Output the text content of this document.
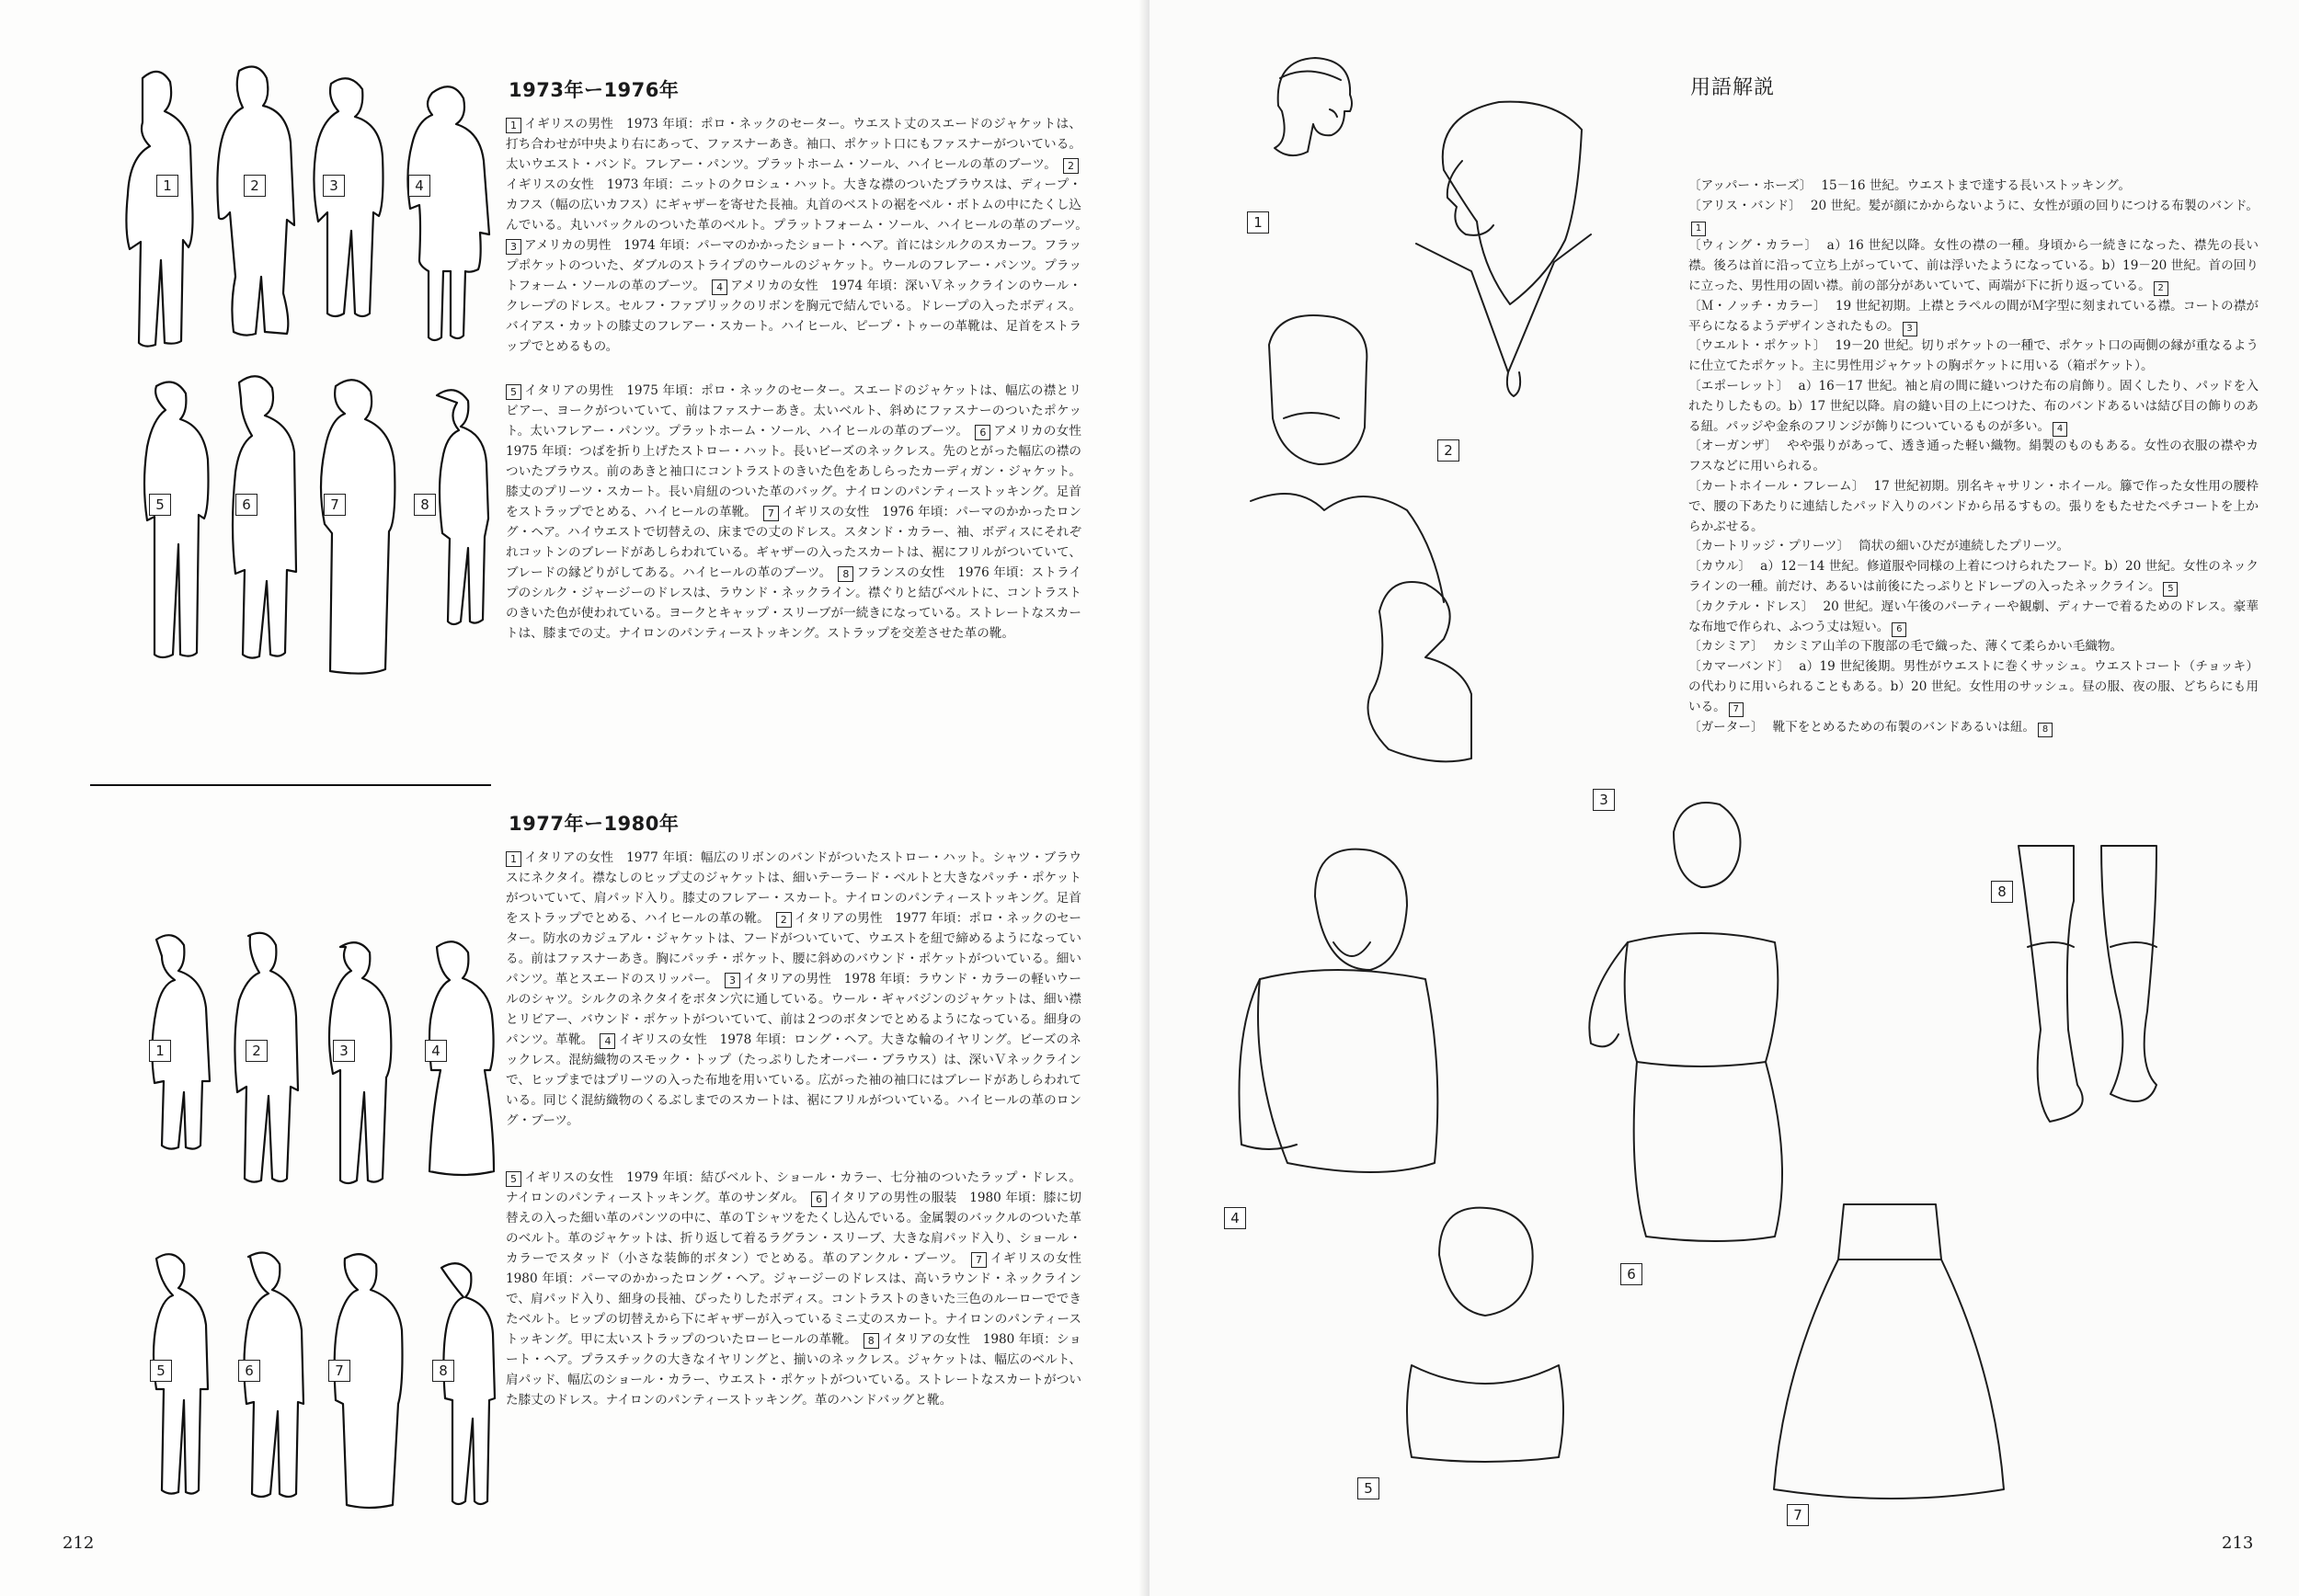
1	2	3	4
5	6	7	8
1973年ー1976年

1 イギリスの男性　1973 年頃：ポロ・ネックのセーター。ウエスト丈のスエードのジャケットは、打ち合わせが中央より右にあって、ファスナーあき。袖口、ポケット口にもファスナーがついている。太いウエスト・バンド。フレアー・パンツ。プラットホーム・ソール、ハイヒールの革のブーツ。　 2イギリスの女性　1973 年頃：ニットのクロシュ・ハット。大きな襟のついたブラウスは、ディープ・カフス（幅の広いカフス）にギャザーを寄せた長袖。丸首のベストの裾をベル・ボトムの中にたくし込んでいる。丸いバックルのついた革のベルト。プラットフォーム・ソール、ハイヒールの革のブーツ。　3 アメリカの男性　1974 年頃：パーマのかかったショート・ヘア。首にはシルクのスカーフ。フラップポケットのついた、ダブルのストライプのウールのジャケット。ウールのフレアー・パンツ。プラットフォーム・ソールの革のブーツ。　 4 アメリカの女性　1974 年頃：深いＶネックラインのウール・クレープのドレス。セルフ・ファブリックのリボンを胸元で結んでいる。ドレープの入ったボディス。バイアス・カットの膝丈のフレアー・スカート。ハイヒール、ピープ・トゥーの革靴は、足首をストラップでとめるもの。　

5 イタリアの男性　1975 年頃：ポロ・ネックのセーター。スエードのジャケットは、幅広の襟とリビアー、ヨークがついていて、前はファスナーあき。太いベルト、斜めにファスナーのついたポケット。太いフレアー・パンツ。プラットホーム・ソール、ハイヒールの革のブーツ。　 6 アメリカの女性　1975 年頃：つばを折り上げたストロー・ハット。長いビーズのネックレス。先のとがった幅広の襟のついたブラウス。前のあきと袖口にコントラストのきいた色をあしらったカーディガン・ジャケット。膝丈のプリーツ・スカート。長い肩紐のついた革のバッグ。ナイロンのパンティーストッキング。足首をストラップでとめる、ハイヒールの革靴。　 7 イギリスの女性　1976 年頃：パーマのかかったロング・ヘア。ハイウエストで切替えの、床までの丈のドレス。スタンド・カラー、袖、ボディスにそれぞれコットンのブレードがあしらわれている。ギャザーの入ったスカートは、裾にフリルがついていて、ブレードの縁どりがしてある。ハイヒールの革のブーツ。　 8 フランスの女性　1976 年頃：ストライプのシルク・ジャージーのドレスは、ラウンド・ネックライン。襟ぐりと結びベルトに、コントラストのきいた色が使われている。ヨークとキャップ・スリーブが一続きになっている。ストレートなスカートは、膝までの丈。ナイロンのパンティーストッキング。ストラップを交差させた革の靴。　

1	2	3	4
5	6	7	8
1977年ー1980年

1 イタリアの女性　1977 年頃：幅広のリボンのバンドがついたストロー・ハット。シャツ・ブラウスにネクタイ。襟なしのヒップ丈のジャケットは、細いテーラード・ベルトと大きなパッチ・ポケットがついていて、肩パッド入り。膝丈のフレアー・スカート。ナイロンのパンティーストッキング。足首をストラップでとめる、ハイヒールの革の靴。　 2 イタリアの男性　1977 年頃：ポロ・ネックのセーター。防水のカジュアル・ジャケットは、フードがついていて、ウエストを紐で締めるようになっている。前はファスナーあき。胸にパッチ・ポケット、腰に斜めのバウンド・ポケットがついている。細いパンツ。革とスエードのスリッパー。　 3 イタリアの男性　1978 年頃：ラウンド・カラーの軽いウールのシャツ。シルクのネクタイをボタン穴に通している。ウール・ギャバジンのジャケットは、細い襟とリビアー、バウンド・ポケットがついていて、前は２つのボタンでとめるようになっている。細身のパンツ。革靴。　 4 イギリスの女性　1978 年頃：ロング・ヘア。大きな輪のイヤリング。ビーズのネックレス。混紡織物のスモック・トップ（たっぷりしたオーバー・ブラウス）は、深いＶネックラインで、ヒップまではプリーツの入った布地を用いている。広がった袖の袖口にはブレードがあしらわれている。同じく混紡織物のくるぶしまでのスカートは、裾にフリルがついている。ハイヒールの革のロング・ブーツ。　

5 イギリスの女性　1979 年頃：結びベルト、ショール・カラー、七分袖のついたラップ・ドレス。ナイロンのパンティーストッキング。革のサンダル。　 6 イタリアの男性の服装　1980 年頃：膝に切替えの入った細い革のパンツの中に、革のＴシャツをたくし込んでいる。金属製のバックルのついた革のベルト。革のジャケットは、折り返して着るラグラン・スリーブ、大きな肩パッド入り、ショール・カラーでスタッド（小さな装飾的ボタン）でとめる。革のアンクル・ブーツ。　 7 イギリスの女性　1980 年頃：パーマのかかったロング・ヘア。ジャージーのドレスは、高いラウンド・ネックラインで、肩パッド入り、細身の長袖、ぴったりしたボディス。コントラストのきいた三色のルーローでできたベルト。ヒップの切替えから下にギャザーが入っているミニ丈のスカート。ナイロンのパンティーストッキング。甲に太いストラップのついたローヒールの革靴。　 8 イタリアの女性　1980 年頃：ショート・ヘア。プラスチックの大きなイヤリングと、揃いのネックレス。ジャケットは、幅広のベルト、肩パッド、幅広のショール・カラー、ウエスト・ポケットがついている。ストレートなスカートがついた膝丈のドレス。ナイロンのパンティーストッキング。革のハンドバッグと靴。　

212
1
2
3
4
5
6
7
8
用語解説
〔アッパー・ホーズ〕 15－16 世紀。ウエストまで達する長いストッキング。
〔アリス・バンド〕 20 世紀。髪が顔にかからないように、女性が頭の回りにつける布製のバンド。1
〔ウィング・カラー〕 a）16 世紀以降。女性の襟の一種。身頃から一続きになった、襟先の長い襟。後ろは首に沿って立ち上がっていて、前は浮いたようになっている。b）19－20 世紀。首の回りに立った、男性用の固い襟。前の部分があいていて、両端が下に折り返っている。 2
〔Ｍ・ノッチ・カラー〕 19 世紀初期。上襟とラペルの間がＭ字型に刻まれている襟。コートの襟が平らになるようデザインされたもの。 3
〔ウエルト・ポケット〕 19－20 世紀。切りポケットの一種で、ポケット口の両側の縁が重なるように仕立てたポケット。主に男性用ジャケットの胸ポケットに用いる（箱ポケット）。
〔エポーレット〕 a）16－17 世紀。袖と肩の間に縫いつけた布の肩飾り。固くしたり、パッドを入れたりしたもの。b）17 世紀以降。肩の縫い目の上につけた、布のバンドあるいは結び目の飾りのある紐。パッジや金糸のフリンジが飾りについているものが多い。 4
〔オーガンザ〕 やや張りがあって、透き通った軽い織物。絹製のものもある。女性の衣服の襟やカフスなどに用いられる。
〔カートホイール・フレーム〕 17 世紀初期。別名キャサリン・ホイール。籐で作った女性用の腰枠で、腰の下あたりに連結したパッド入りのバンドから吊るすもの。張りをもたせたペチコートを上からかぶせる。
〔カートリッジ・プリーツ〕 筒状の細いひだが連続したプリーツ。
〔カウル〕 a）12－14 世紀。修道服や同様の上着につけられたフード。b）20 世紀。女性のネックラインの一種。前だけ、あるいは前後にたっぷりとドレープの入ったネックライン。 5
〔カクテル・ドレス〕 20 世紀。遅い午後のパーティーや観劇、ディナーで着るためのドレス。豪華な布地で作られ、ふつう丈は短い。 6
〔カシミア〕 カシミア山羊の下腹部の毛で織った、薄くて柔らかい毛織物。
〔カマーバンド〕 a）19 世紀後期。男性がウエストに巻くサッシュ。ウエストコート（チョッキ）の代わりに用いられることもある。b）20 世紀。女性用のサッシュ。昼の服、夜の服、どちらにも用いる。 7
〔ガーター〕 靴下をとめるための布製のバンドあるいは紐。 8
213
